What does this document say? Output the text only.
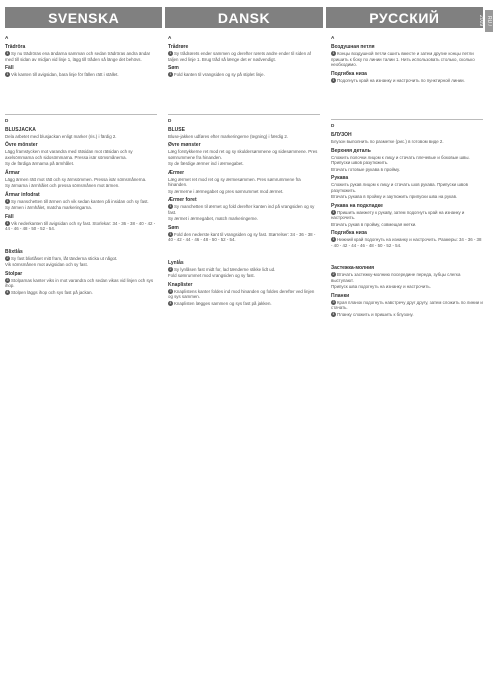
SVENSKA	DANSK	РУССКИЙ	RU / 2009
A
Trädröra

1 Sy nu trädröras ena ändarna samman och sedan trädröras andra ändar med till sidan av midjan vid linje 1, lägg till tråden så länge det behövs.

Fäll

1 Vik kanten till avigsidan, bara linje för fällen rätt i stället.

D
BLUSJACKA

Dela arbetet med blusjackan enligt marker (ris.) i färdig 2.

Övre mönster

Lägg framstycken mot varandra med rätsidan mot rätsidan och sy axelsömmarna och sidosömmarna. Pressa isär sömsmånerna.

Sy de färdiga ärmarna på ärmhålet.

Ärmar

Lägg ärmen rätt mot rätt och sy ärmsömmen. Pressa isär sömsmånerna.

Sy ärmarna i ärmhålet och pressa sömsmånen mot ärmen.

Ärmar infodrat

1 Sy manschetten till ärmen och vik sedan kanten på insidan och sy fast.

Sy ärmen i ärmhålet, matcha markeringarna.

Fäll

1 Vik nederkanten till avigsidan och sy fast. Storlekar: 34 - 36 - 38 - 40 - 42 - 44 - 46 - 48 - 50 - 52 - 54.

Blixtlås

2 Sy fast blixtlåset mitt fram, låt tänderna sticka ut något.

Vik sömsmånen mot avigsidan och sy fast.

Stolpar

3 Stolparnas kanter viks in mot varandra och sedan vikas vid linjen och sys ihop.

4 Stolpen läggs ihop och sys fast på jackan.

A
Trådrøre

1 Sy trådrørets ender sammen og derefter rørets andre ender til siden af taljen ved linje 1. Brug tråd så længe det er nødvendigt.

Søm

1 Fold kanten til vrangsiden og sy på stiplet linje.

D
BLUSE

Bluse-jakken udføres efter markeringerne (tegning) i færdig 2.

Øvre mønster

Læg forstykkerne ret mod ret og sy skuldersømmene og sidesømmene. Pres sømrummene fra hinanden.

Sy de færdige ærmer ind i ærmegabet.

Ærmer

Læg ærmet ret mod ret og sy ærmesømmen. Pres sømrummene fra hinanden.

Sy ærmerne i ærmegabet og pres sømrummet mod ærmet.

Ærmer foret

1 Sy manchetten til ærmet og fold derefter kanten ind på vrangsiden og sy fast.

Sy ærmet i ærmegabet, match markeringerne.

Søm

1 Fold den nederste kant til vrangsiden og sy fast. Størrelser: 34 - 36 - 38 - 40 - 42 - 44 - 46 - 48 - 50 - 52 - 54.

Lynlås

2 Sy lynlåsen fast midt for, lad tænderne stikke lidt ud.

Fold sømrummet mod vrangsiden og sy fast.

Knaplister

3 Knaplistens kanter foldes ind mod hinanden og foldes derefter ved linjen og sys sammen.

4 Knaplisten lægges sammen og sys fast på jakken.

A
Воздушная петля

1 Концы воздушной петли сшить вместе и затем другие концы петли пришить к боку по линии талии 1. Нить использовать столько, сколько необходимо.

Подгибка низа

1 Подогнуть край на изнанку и настрочить по пунктирной линии.

D
БЛУЗОН

Блузон выполнить по разметке (рис.) в готовом виде 2.

Верхняя деталь

Сложить полочки лицом к лицу и стачать плечевые и боковые швы. Припуски швов разутюжить.

Втачать готовые рукава в пройму.

Рукава

Сложить рукав лицом к лицу и стачать шов рукава. Припуски швов разутюжить.

Втачать рукава в пройму и заутюжить припуски шва на рукав.

Рукава на подкладке

1 Пришить манжету к рукаву, затем подогнуть край на изнанку и настрочить.

Втачать рукав в пройму, совмещая метки.

Подгибка низа

1 Нижний край подогнуть на изнанку и настрочить. Размеры: 34 - 36 - 38 - 40 - 42 - 44 - 46 - 48 - 50 - 52 - 54.

Застежка-молния

2 Втачать застежку-молнию посередине переда, зубцы слегка выступают.

Припуск шва подогнуть на изнанку и настрочить.

Планки

3 Края планок подогнуть навстречу друг другу, затем сложить по линии и стачать.

4 Планку сложить и пришить к блузону.
